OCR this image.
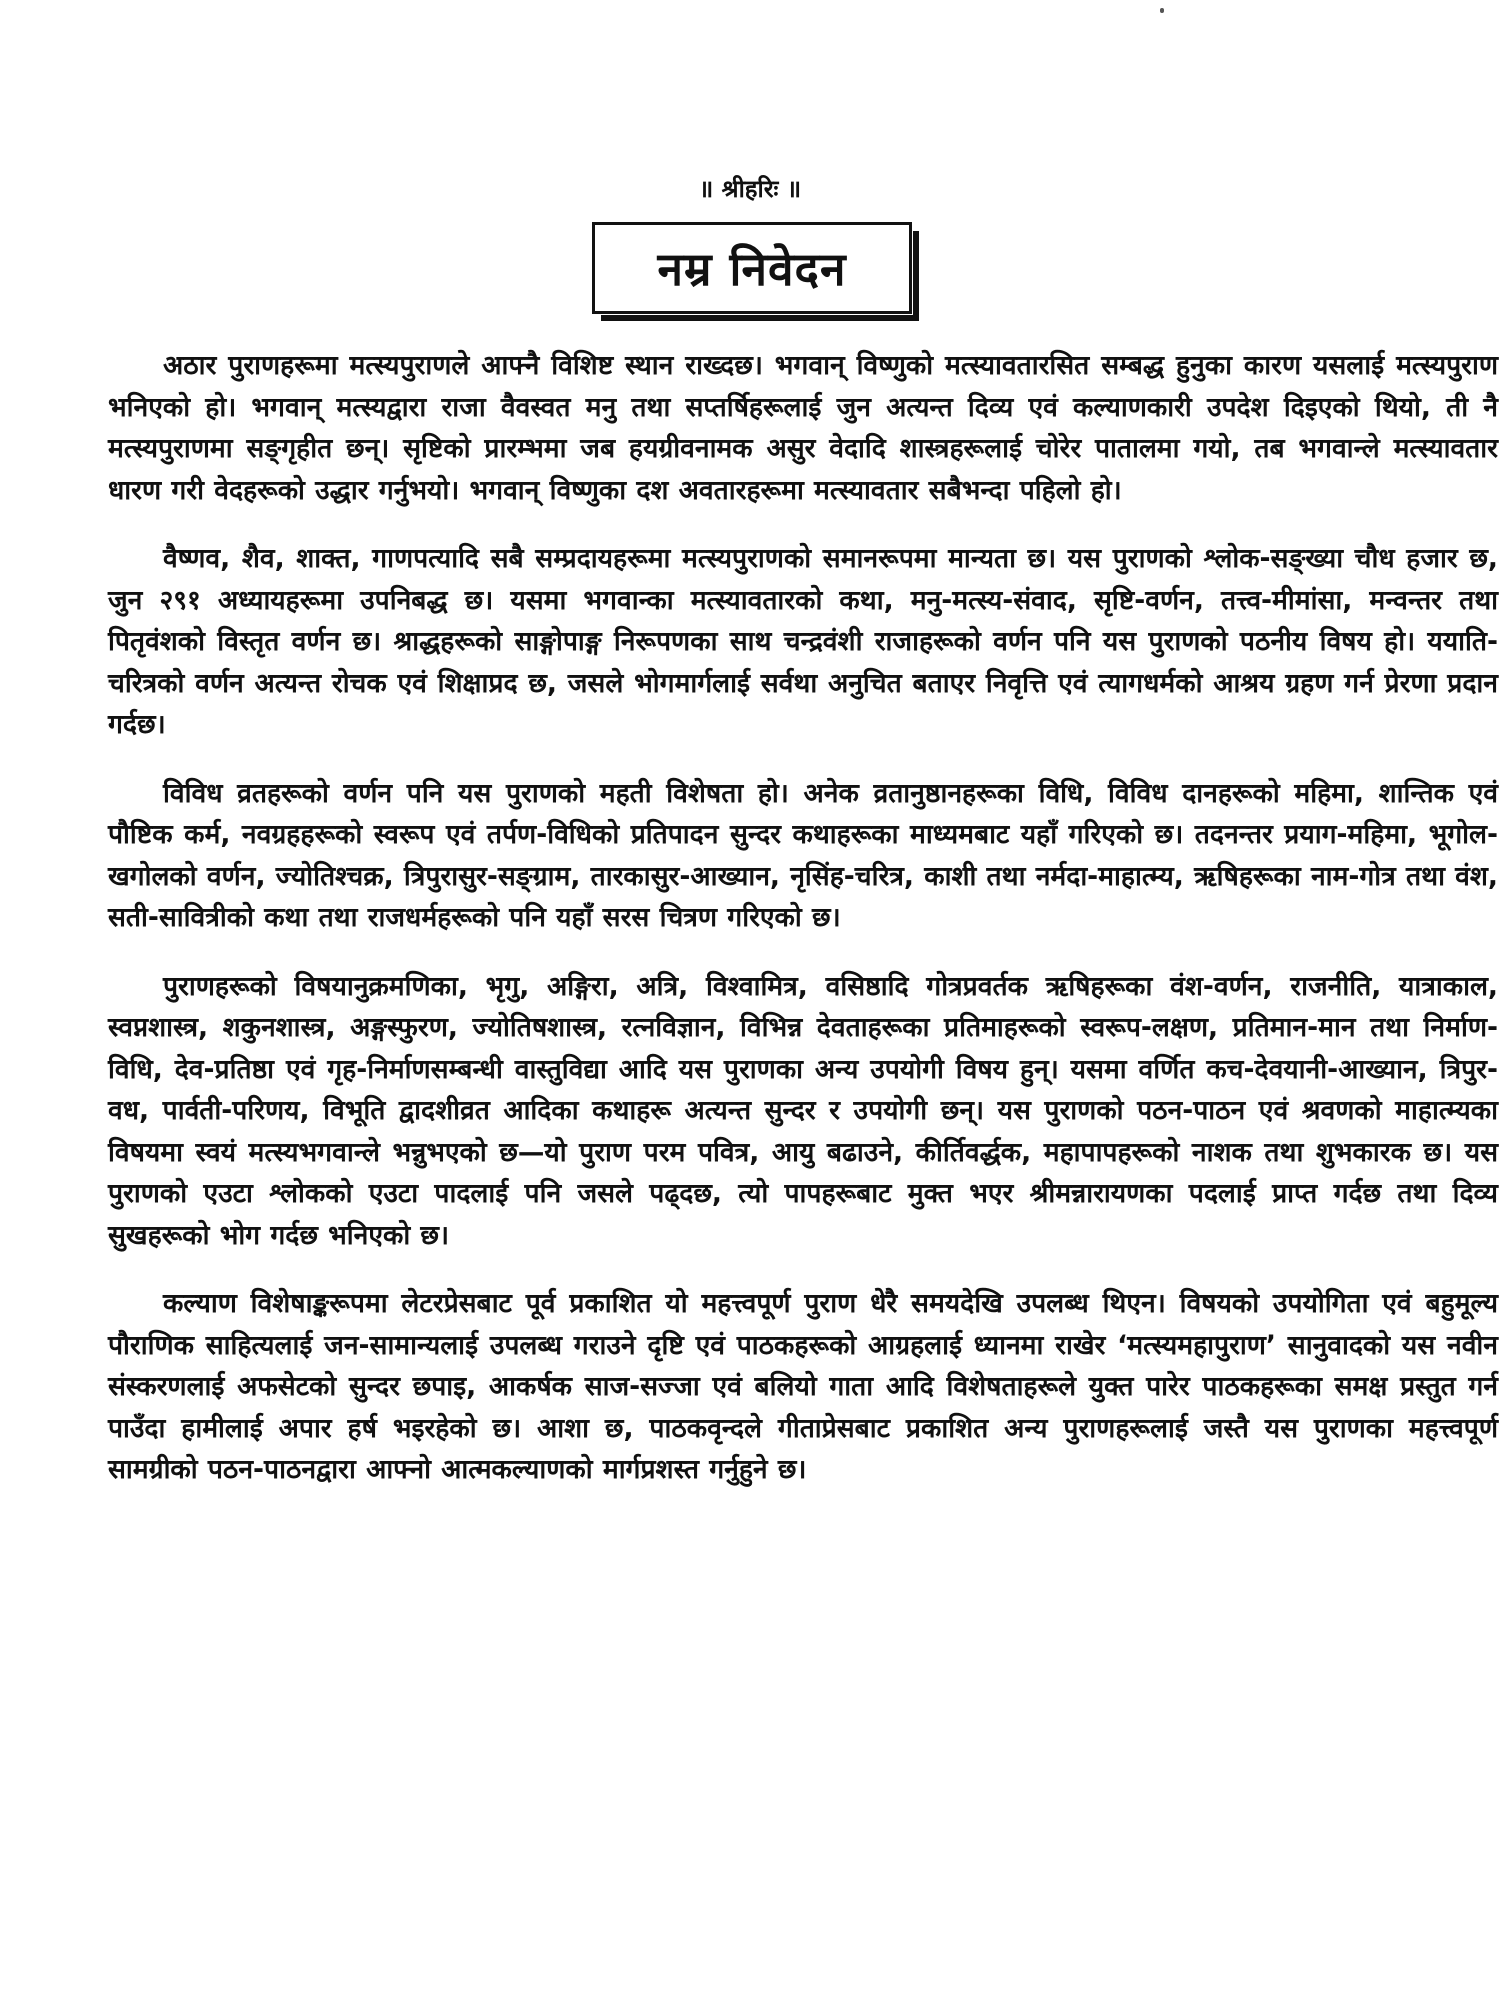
॥ श्रीहरिः ॥
नम्र निवेदन

अठार पुराणहरूमा मत्स्यपुराणले आफ्नै विशिष्ट स्थान राख्दछ। भगवान् विष्णुको मत्स्यावतारसित सम्बद्ध हुनुका कारण यसलाई मत्स्यपुराण भनिएको हो। भगवान् मत्स्यद्वारा राजा वैवस्वत मनु तथा सप्तर्षिहरूलाई जुन अत्यन्त दिव्य एवं कल्याणकारी उपदेश दिइएको थियो, ती नै मत्स्यपुराणमा सङ्गृहीत छन्। सृष्टिको प्रारम्भमा जब हयग्रीवनामक असुर वेदादि शास्त्रहरूलाई चोरेर पातालमा गयो, तब भगवान्ले मत्स्यावतार धारण गरी वेदहरूको उद्धार गर्नुभयो। भगवान् विष्णुका दश अवतारहरूमा मत्स्यावतार सबैभन्दा पहिलो हो।

वैष्णव, शैव, शाक्त, गाणपत्यादि सबै सम्प्रदायहरूमा मत्स्यपुराणको समानरूपमा मान्यता छ। यस पुराणको श्लोक-सङ्ख्या चौध हजार छ, जुन २९१ अध्यायहरूमा उपनिबद्ध छ। यसमा भगवान्का मत्स्यावतारको कथा, मनु-मत्स्य-संवाद, सृष्टि-वर्णन, तत्त्व-मीमांसा, मन्वन्तर तथा पितृवंशको विस्तृत वर्णन छ। श्राद्धहरूको साङ्गोपाङ्ग निरूपणका साथ चन्द्रवंशी राजाहरूको वर्णन पनि यस पुराणको पठनीय विषय हो। ययाति-चरित्रको वर्णन अत्यन्त रोचक एवं शिक्षाप्रद छ, जसले भोगमार्गलाई सर्वथा अनुचित बताएर निवृत्ति एवं त्यागधर्मको आश्रय ग्रहण गर्न प्रेरणा प्रदान गर्दछ।

विविध व्रतहरूको वर्णन पनि यस पुराणको महती विशेषता हो। अनेक व्रतानुष्ठानहरूका विधि, विविध दानहरूको महिमा, शान्तिक एवं पौष्टिक कर्म, नवग्रहहरूको स्वरूप एवं तर्पण-विधिको प्रतिपादन सुन्दर कथाहरूका माध्यमबाट यहाँ गरिएको छ। तदनन्तर प्रयाग-महिमा, भूगोल-खगोलको वर्णन, ज्योतिश्चक्र, त्रिपुरासुर-सङ्ग्राम, तारकासुर-आख्यान, नृसिंह-चरित्र, काशी तथा नर्मदा-माहात्म्य, ऋषिहरूका नाम-गोत्र तथा वंश, सती-सावित्रीको कथा तथा राजधर्महरूको पनि यहाँ सरस चित्रण गरिएको छ।

पुराणहरूको विषयानुक्रमणिका, भृगु, अङ्गिरा, अत्रि, विश्वामित्र, वसिष्ठादि गोत्रप्रवर्तक ऋषिहरूका वंश-वर्णन, राजनीति, यात्राकाल, स्वप्नशास्त्र, शकुनशास्त्र, अङ्गस्फुरण, ज्योतिषशास्त्र, रत्नविज्ञान, विभिन्न देवताहरूका प्रतिमाहरूको स्वरूप-लक्षण, प्रतिमान-मान तथा निर्माण-विधि, देव-प्रतिष्ठा एवं गृह-निर्माणसम्बन्धी वास्तुविद्या आदि यस पुराणका अन्य उपयोगी विषय हुन्। यसमा वर्णित कच-देवयानी-आख्यान, त्रिपुर-वध, पार्वती-परिणय, विभूति द्वादशीव्रत आदिका कथाहरू अत्यन्त सुन्दर र उपयोगी छन्। यस पुराणको पठन-पाठन एवं श्रवणको माहात्म्यका विषयमा स्वयं मत्स्यभगवान्ले भन्नुभएको छ—यो पुराण परम पवित्र, आयु बढाउने, कीर्तिवर्द्धक, महापापहरूको नाशक तथा शुभकारक छ। यस पुराणको एउटा श्लोकको एउटा पादलाई पनि जसले पढ्दछ, त्यो पापहरूबाट मुक्त भएर श्रीमन्नारायणका पदलाई प्राप्त गर्दछ तथा दिव्य सुखहरूको भोग गर्दछ भनिएको छ।

कल्याण विशेषाङ्करूपमा लेटरप्रेसबाट पूर्व प्रकाशित यो महत्त्वपूर्ण पुराण धेरै समयदेखि उपलब्ध थिएन। विषयको उपयोगिता एवं बहुमूल्य पौराणिक साहित्यलाई जन-सामान्यलाई उपलब्ध गराउने दृष्टि एवं पाठकहरूको आग्रहलाई ध्यानमा राखेर ‘मत्स्यमहापुराण’ सानुवादको यस नवीन संस्करणलाई अफसेटको सुन्दर छपाइ, आकर्षक साज-सज्जा एवं बलियो गाता आदि विशेषताहरूले युक्त पारेर पाठकहरूका समक्ष प्रस्तुत गर्न पाउँदा हामीलाई अपार हर्ष भइरहेको छ। आशा छ, पाठकवृन्दले गीताप्रेसबाट प्रकाशित अन्य पुराणहरूलाई जस्तै यस पुराणका महत्त्वपूर्ण सामग्रीको पठन-पाठनद्वारा आफ्नो आत्मकल्याणको मार्गप्रशस्त गर्नुहुने छ।
